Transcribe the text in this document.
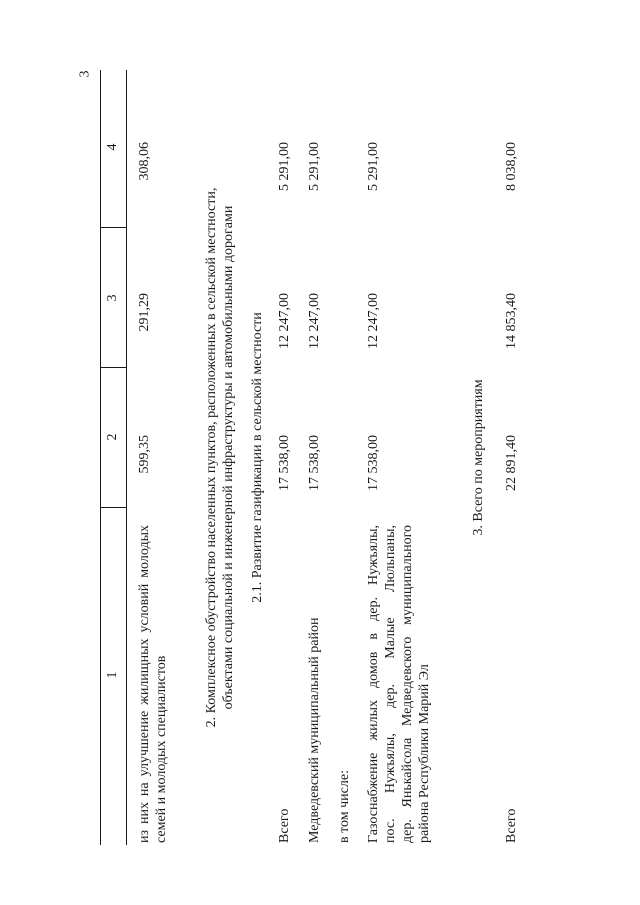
3
1
2
3
4
из них на улучшение жилищных условий молодых семей и молодых специалистов
599,35
291,29
308,06
2. Комплексное обустройство населенных пунктов, расположенных в сельской местности, объектами социальной и инженерной инфраструктуры и автомобильными дорогами 2.1. Развитие газификации в сельской местности
Всего
17 538,00
12 247,00
5 291,00
Медведевский муниципальный район
17 538,00
12 247,00
5 291,00
в том числе: Газоснабжение жилых домов в дер. Нужъялы, пос. Нужъялы, дер. Малые Люльпаны, дер. Янькайсола Медведевского муниципального района Республики Марий Эл
17 538,00
12 247,00
5 291,00
3. Всего по мероприятиям
Всего
22 891,40
14 853,40
8 038,00
